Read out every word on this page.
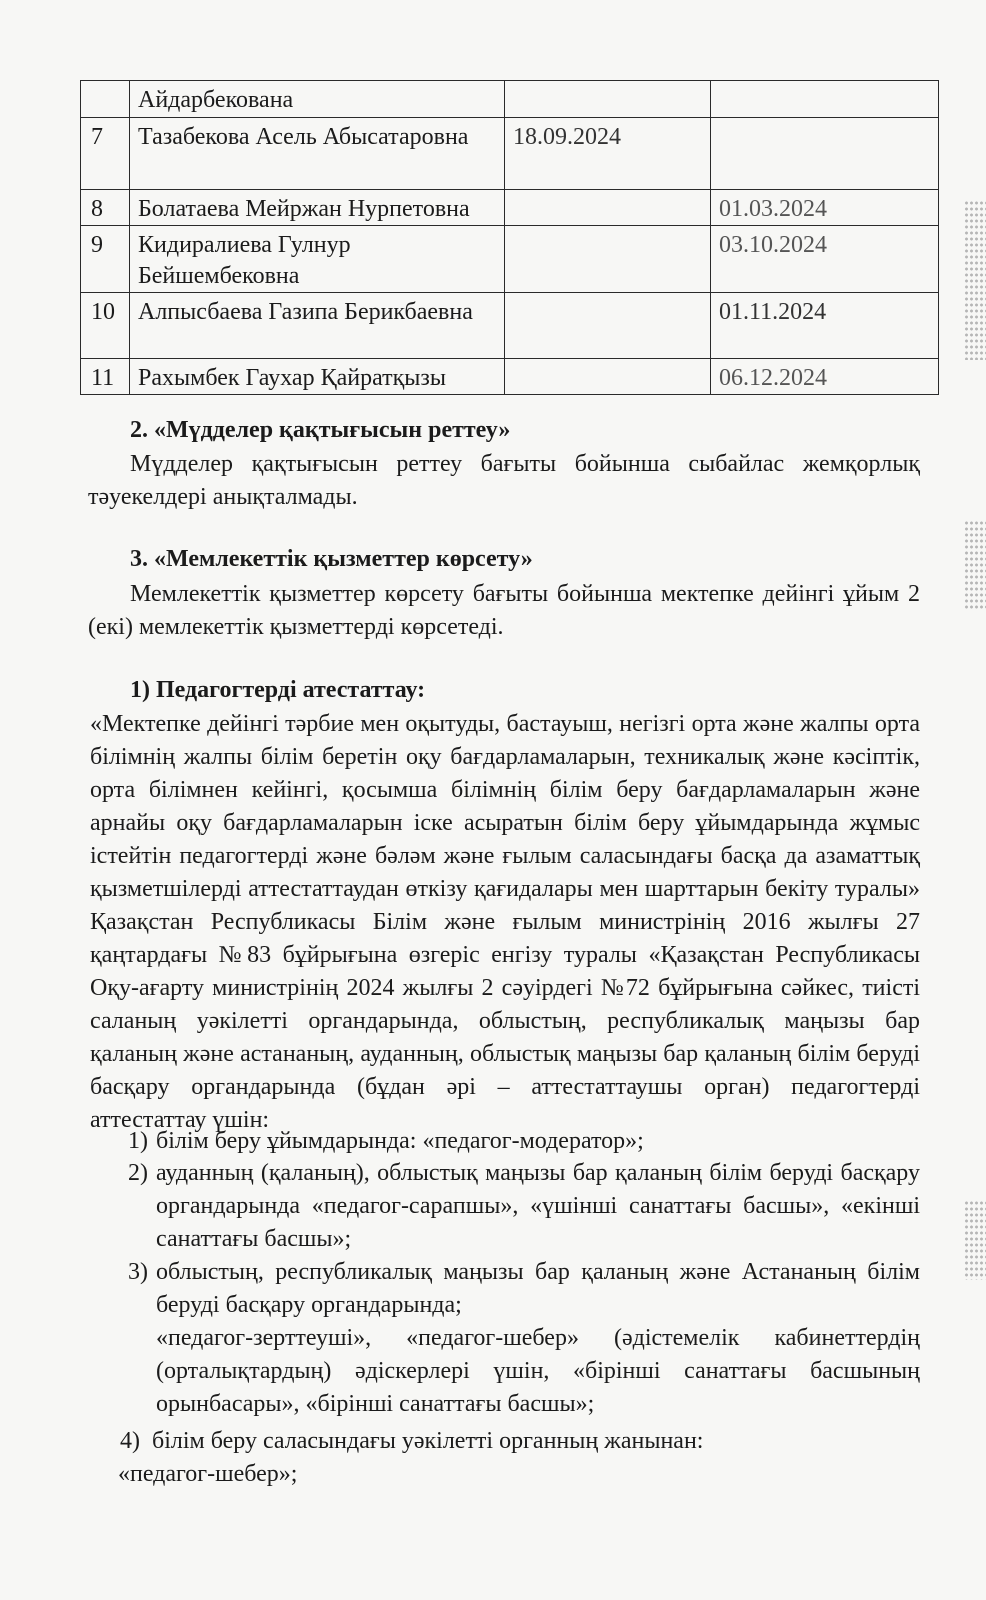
	Айдарбекована		
7	Тазабекова Асель Абысатаровна	18.09.2024	
8	Болатаева Мейржан Нурпетовна		01.03.2024
9	Кидиралиева Гулнур Бейшембековна		03.10.2024
10	Алпысбаева Газипа Берикбаевна		01.11.2024
11	Рахымбек Гаухар Қайратқызы		06.12.2024
2. «Мүдделер қақтығысын реттеу»

Мүдделер қақтығысын реттеу бағыты бойынша сыбайлас жемқорлық тәуекелдері анықталмады.

3. «Мемлекеттік қызметтер көрсету»

Мемлекеттік қызметтер көрсету бағыты бойынша мектепке дейінгі ұйым 2 (екі) мемлекеттік қызметтерді көрсетеді.

1) Педагогтерді атестаттау:

«Мектепке дейінгі тәрбие мен оқытуды, бастауыш, негізгі орта және жалпы орта білімнің жалпы білім беретін оқу бағдарламаларын, техникалық және кәсіптік, орта білімнен кейінгі, қосымша білімнің білім беру бағдарламаларын және арнайы оқу бағдарламаларын іске асыратын білім беру ұйымдарында жұмыс істейтін педагогтерді және бәләм және ғылым саласындағы басқа да азаматтық қызметшілерді аттестаттаудан өткізу қағидалары мен шарттарын бекіту туралы» Қазақстан Республикасы Білім және ғылым министрінің 2016 жылғы 27 қаңтардағы №83 бұйрығына өзгеріс енгізу туралы «Қазақстан Республикасы Оқу-ағарту министрінің 2024 жылғы 2 сәуірдегі №72 бұйрығына сәйкес, тиісті саланың уәкілетті органдарында, облыстың, республикалық маңызы бар қаланың және астананың, ауданның, облыстық маңызы бар қаланың білім беруді басқару органдарында (бұдан әрі – аттестаттаушы орган) педагогтерді аттестаттау үшін:

1) білім беру ұйымдарында: «педагог-модератор»;
2) ауданның (қаланың), облыстық маңызы бар қаланың білім беруді басқару органдарында «педагог-сарапшы», «үшінші санаттағы басшы», «екінші санаттағы басшы»;
3) облыстың, республикалық маңызы бар қаланың және Астананың білім беруді басқару органдарында;
«педагог-зерттеуші», «педагог-шебер» (әдістемелік кабинеттердің (орталықтардың) әдіскерлері үшін, «бірінші санаттағы басшының орынбасары», «бірінші санаттағы басшы»;
4) білім беру саласындағы уәкілетті органның жанынан:
«педагог-шебер»;
